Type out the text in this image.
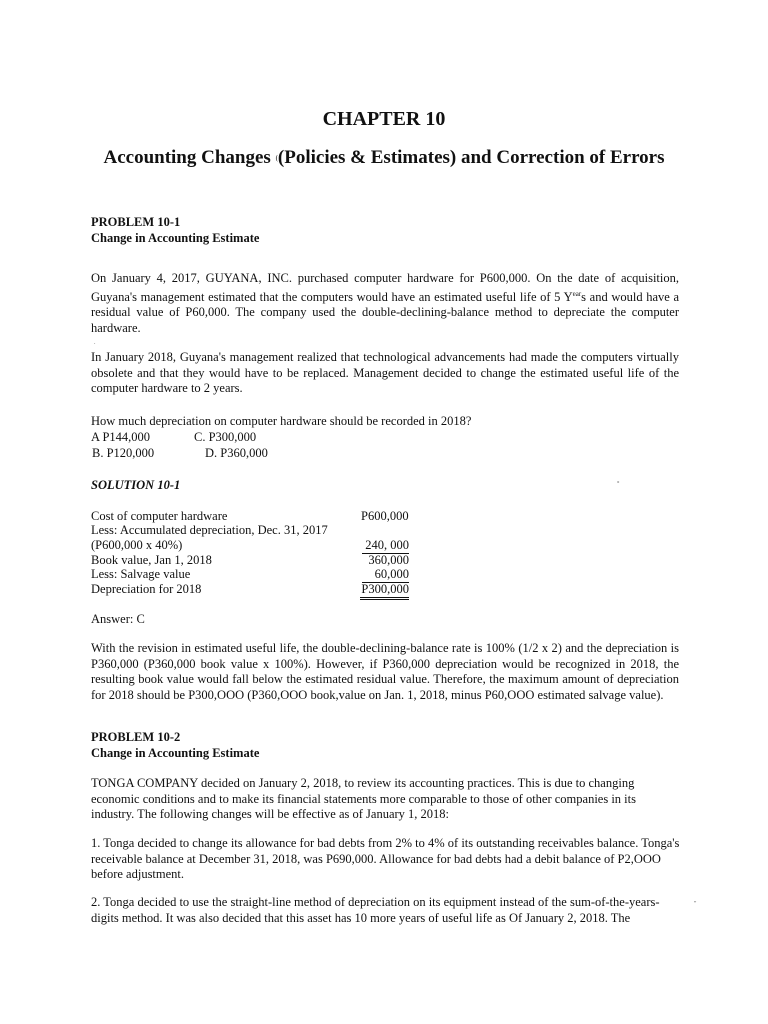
CHAPTER 10
Accounting Changes ((Policies & Estimates) and Correction of Errors
PROBLEM 10-1
Change in Accounting Estimate
On January 4, 2017, GUYANA, INC. purchased computer hardware for P600,000. On the date of acquisition, Guyana's management estimated that the computers would have an estimated useful life of 5 $Y^{ear}s$ and would have a residual value of P60,000. The company used the double-declining-balance method to depreciate the computer hardware.
.
In January 2018, Guyana's management realized that technological advancements had made the computers virtually obsolete and that they would have to be replaced. Management decided to change the estimated useful life of the computer hardware to 2 years.
How much depreciation on computer hardware should be recorded in 2018?
A P144,000	C. P300,000
B. P120,000	D. P360,000
SOLUTION 10-1	°
Cost of computer hardware	P600,000
Less: Accumulated depreciation, Dec. 31, 2017
(P600,000 x 40%)	240, 000
Book value, Jan 1, 2018	360,000
Less: Salvage value	60,000
Depreciation for 2018	P300,000
Answer: C
With the revision in estimated useful life, the double-declining-balance rate is 100% (1/2 x 2) and the depreciation is P360,000 (P360,000 book value x 100%). However, if P360,000 depreciation would be recognized in 2018, the resulting book value would fall below the estimated residual value. Therefore, the maximum amount of depreciation for 2018 should be P300,OOO (P360,OOO book,value on Jan. 1, 2018, minus P60,OOO estimated salvage value).
PROBLEM 10-2
Change in Accounting Estimate
TONGA COMPANY decided on January 2, 2018, to review its accounting practices. This is due to changing economic conditions and to make its financial statements more comparable to those of other companies in its industry. The following changes will be effective as of January 1, 2018:
1. Tonga decided to change its allowance for bad debts from 2% to 4% of its outstanding receivables balance. Tonga's receivable balance at December 31, 2018, was P690,000. Allowance for bad debts had a debit balance of P2,OOO before adjustment.
2. Tonga decided to use the straight-line method of depreciation on its equipment instead of the sum-of-the-years-digits method. It was also decided that this asset has 10 more years of useful life as Of January 2, 2018. The
"
